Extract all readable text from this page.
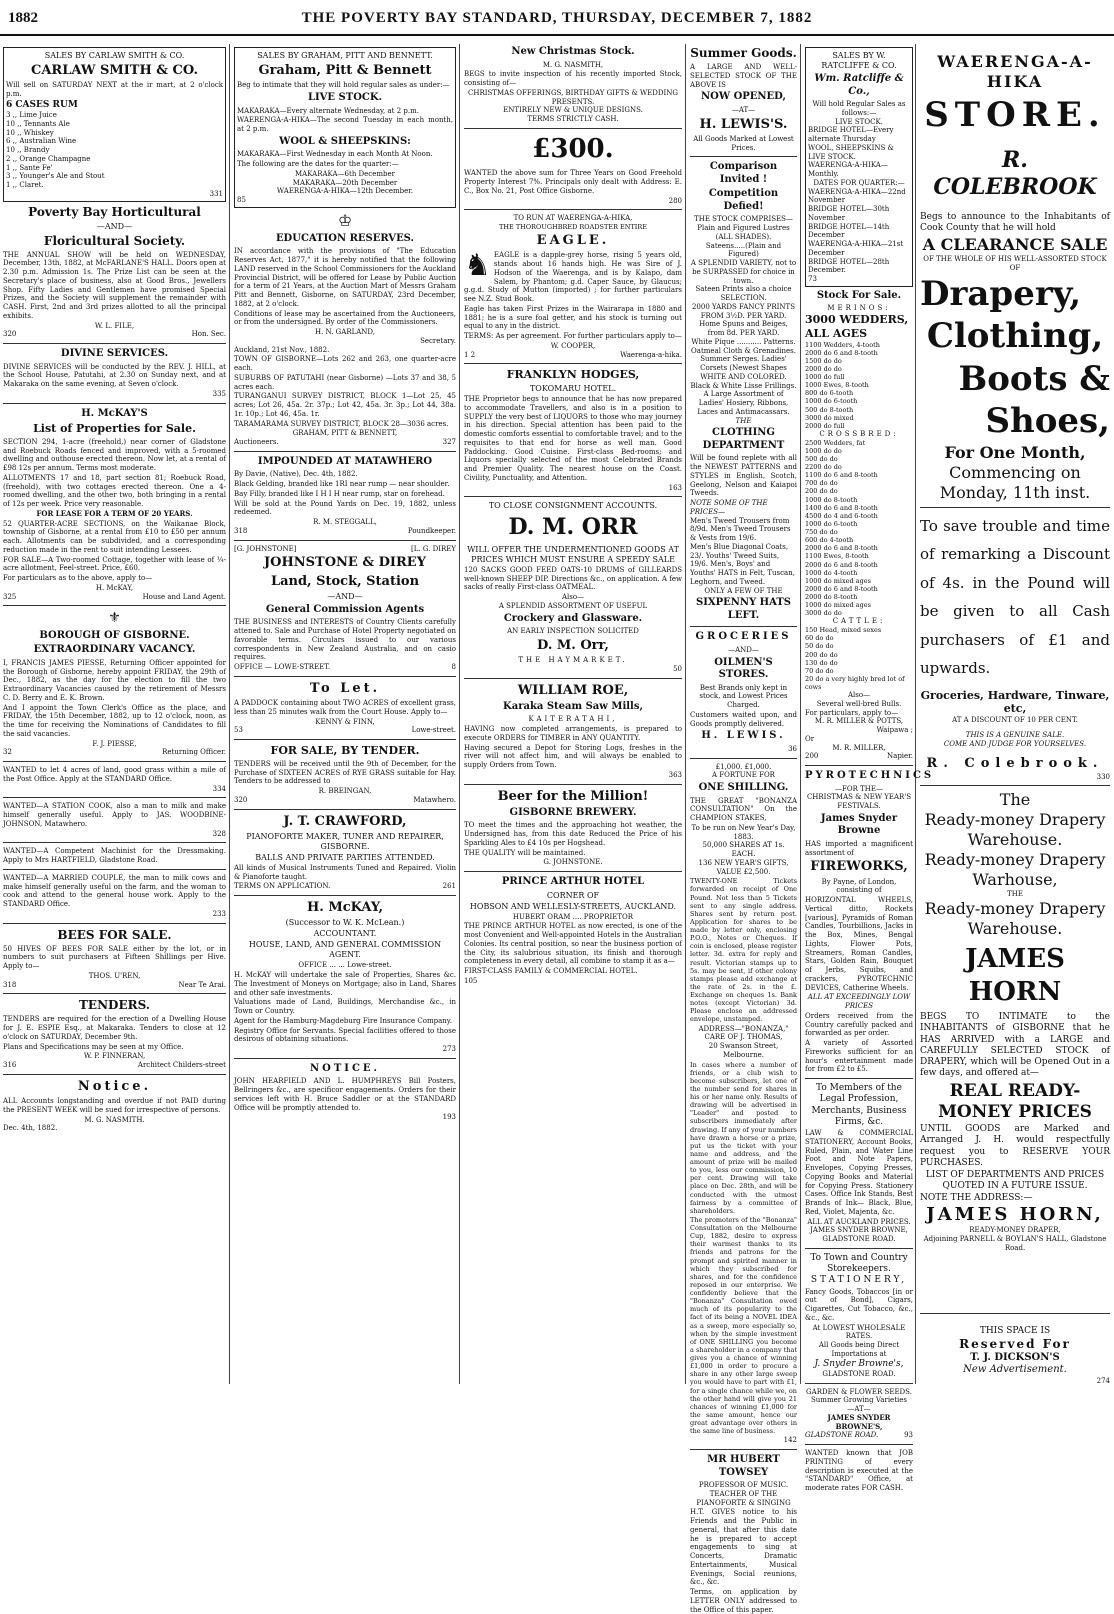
1882	THE POVERTY BAY STANDARD, THURSDAY, DECEMBER 7, 1882
SALES BY CARLAW SMITH & CO.
CARLAW SMITH & CO.
Will sell on SATURDAY NEXT at the ir mart, at 2 o'clock p.m.
6 CASES RUM
3 ,, Lime Juice
10 ,, Tennants Ale
10 ,, Whiskey
6 ,, Australian Wine
10 ,, Brandy
2 ,, Orange Champagne
1 ,, Sante Fe'
3 ,, Younger's Ale and Stout
1 ,, Claret.
331
Poverty Bay Horticultural
—AND—
Floricultural Society.
THE ANNUAL SHOW will be held on WEDNESDAY, December, 13th, 1882, at McFARLANE'S HALL. Doors open at 2.30 p.m. Admission 1s. The Prize List can be seen at the Secretary's place of business, also at Good Bros., Jewellers Shop. Fifty Ladies and Gentlemen have promised Special Prizes, and the Society will supplement the remainder with CASH. First, 2nd and 3rd prizes allotted to all the principal exhibits.
W. L. FILE,
320	Hon. Sec.
DIVINE SERVICES.
DIVINE SERVICES will be conducted by the REV. J. HILL, at the School House, Patutahi, at 2.30 on Sunday next, and at Makaraka on the same evening, at Seven o'clock.
335
H. McKAY'S
List of Properties for Sale.
SECTION 294, 1-acre (freehold,) near corner of Gladstone and Roebuck Roads fenced and improved, with a 5-roomed dwelling and outhouse erected thereon. Now let, at a rental of £98 12s per annum. Terms most moderate.
ALLOTMENTS 17 and 18, part section 81; Roebuck Road, (freehold), with two cottages erected thereon. One a 4-roomed dwelling, and the other two, both bringing in a rental of 12s per week. Price very reasonable.
FOR LEASE FOR A TERM OF 20 YEARS.
52 QUARTER-ACRE SECTIONS, on the Waikanae Block, township of Gisborne, at a rental from £10 to £50 per annum each. Allotments can be subdivided, and a corresponding reduction made in the rent to suit intending Lessees.
FOR SALE—A Two-roomed Cottage, together with lease of ¼-acre allotment, Feel-street. Price, £60.
For particulars as to the above, apply to—
H. McKAY,
325	House and Land Agent.
⚜
BOROUGH OF GISBORNE.
EXTRAORDINARY VACANCY.
I, FRANCIS JAMES PIESSE, Returning Officer appointed for the Borough of Gisborne, hereby appoint FRIDAY, the 29th of Dec., 1882, as the day for the election to fill the two Extraordinary Vacancies caused by the retirement of Messrs C. D. Berry and E. K. Brown.
And I appoint the Town Clerk's Office as the place, and FRIDAY, the 15th December, 1882, up to 12 o'clock, noon, as the time for receiving the Nominations of Candidates to fill the said vacancies.
F. J. PIESSE,
32	Returning Officer.
WANTED to let 4 acres of land, good grass within a mile of the Post Office. Apply at the STANDARD Office.
334
WANTED—A STATION COOK, also a man to milk and make himself generally useful. Apply to JAS. WOODBINE-JOHNSON, Matawhero.
328
WANTED—A Competent Machinist for the Dressmaking. Apply to Mrs HARTFIELD, Gladstone Road.
WANTED—A MARRIED COUPLE, the man to milk cows and make himself generally useful on the farm, and the woman to cook and attend to the general house work. Apply to the STANDARD Office.
233
BEES FOR SALE.
50 HIVES OF BEES FOR SALE either by the lot, or in numbers to suit purchasers at Fifteen Shillings per Hive. Apply to—
THOS. U'REN,
318	Near Te Arai.
TENDERS.
TENDERS are required for the erection of a Dwelling House for J. E. ESPIE Esq., at Makaraka. Tenders to close at 12 o'clock on SATURDAY, December 9th.
Plans and Specifications may be seen at my Office.
W. P. FINNERAN,
316	Architect Childers-street
Notice.
ALL Accounts longstanding and overdue if not PAID during the PRESENT WEEK will be sued for irrespective of persons.
M. G. NASMITH.
Dec. 4th, 1882.
SALES BY GRAHAM, PITT AND BENNETT.
Graham, Pitt & Bennett
Beg to intimate that they will hold regular sales as under:—
LIVE STOCK.
MAKARAKA—Every alternate Wednesday, at 2 p.m.
WAERENGA-A-HIKA—The second Tuesday in each month, at 2 p.m.
WOOL & SHEEPSKINS:
MAKARAKA—First Wednesday in each Month At Noon.
The following are the dates for the quarter:—
MAKARAKA—6th December
MAKARAKA—20th December
WAERENGA-A-HIKA—12th December.
85
♔
EDUCATION RESERVES.
IN accordance with the provisions of "The Education Reserves Act, 1877," it is hereby notified that the following LAND reserved in the School Commissioners for the Auckland Provincial District, will be offered for Lease by Public Auction for a term of 21 Years, at the Auction Mart of Messrs Graham Pitt and Bennett, Gisborne, on SATURDAY, 23rd December, 1882, at 2 o'clock.
Conditions of lease may be ascertained from the Auctioneers, or from the undersigned. By order of the Commissioners.
H. N. GARLAND,
Secretary.
Auckland, 21st Nov., 1882.
TOWN OF GISBORNE—Lots 262 and 263, one quarter-acre each.
SUBURBS OF PATUTAHI (near Gisborne) —Lots 37 and 38, 5 acres each.
TURANGANUI SURVEY DISTRICT, BLOCK 1—Lot 25, 45 acres; Lot 26, 45a. 2r. 37p.; Lot 42, 45a. 3r. 3p.; Lot 44, 38a. 1r. 10p.; Lot 46, 45a. 1r.
TARAMARAMA SURVEY DISTRICT, BLOCK 28—3036 acres.
GRAHAM, PITT & BENNETT,
Auctioneers.	327
IMPOUNDED AT MATAWHERO
By Davie, (Native), Dec. 4th, 1882.
Black Gelding, branded like 1RI near rump — near shoulder.
Bay Filly, branded like I H I H near rump, star on forehead.
Will be sold at the Pound Yards on Dec. 19, 1882, unless redeemed.
R. M. STEGGALL,
318	Poundkeeper.
[G. JOHNSTONE]	[L. G. DIREY
JOHNSTONE & DIREY
Land, Stock, Station
—AND—
General Commission Agents
THE BUSINESS and INTERESTS of Country Clients carefully attened to. Sale and Purchase of Hotel Property negotiated on favorable terms. Circulars issued to our various correspondents in New Zealand Australia, and on casio requires.
OFFICE — LOWE-STREET.	8
To Let.
A PADDOCK containing about TWO ACRES of excellent grass, less than 25 minutes walk from the Court House. Apply to—
KENNY & FINN,
53	Lowe-street.
FOR SALE, BY TENDER.
TENDERS will be received until the 9th of December, for the Purchase of SIXTEEN ACRES of RYE GRASS suitable for Hay. Tenders to be addressed to
R. BREINGAN,
320	Matawhero.
J. T. CRAWFORD,
PIANOFORTE MAKER, TUNER AND REPAIRER, GISBORNE.
BALLS AND PRIVATE PARTIES ATTENDED.
All kinds of Musical Instruments Tuned and Repaired. Violin & Pianoforte taught.
TERMS ON APPLICATION.	261
H. McKAY,
(Successor to W. K. McLean.)
ACCOUNTANT.
HOUSE, LAND, AND GENERAL COMMISSION AGENT.
OFFICE ... ... Lowe-street.
H. McKAY will undertake the sale of Properties, Shares &c. The Investment of Moneys on Mortgage; also in Land, Shares and other safe investments.
Valuations made of Land, Buildings, Merchandise &c., in Town or Country.
Agent for the Hamburg-Magdeburg Fire Insurance Company.
Registry Office for Servants. Special facilities offered to those desirous of obtaining situations.
273
NOTICE.
JOHN HEARFIELD AND L. HUMPHREYS Bill Posters, Bellringers &c., are specificor engagements. Orders for their services left with H. Bruce Saddler or at the STANDARD Office will be promptly attended to.
193
New Christmas Stock.
M. G. NASMITH,
BEGS to invite inspection of his recently imported Stock, consisting of—
CHRISTMAS OFFERINGS, BIRTHDAY GIFTS & WEDDING PRESENTS.
ENTIRELY NEW & UNIQUE DESIGNS.
TERMS STRICTLY CASH.
£300.
WANTED the above sum for Three Years on Good Freehold Property Interest 7%. Principals only dealt with Address: E. C., Box No. 21, Post Office Gisborne.
280
TO RUN AT WAERENGA-A-HIKA,
THE THOROUGHBRED ROADSTER ENTIRE
EAGLE.
♞ EAGLE is a dapple-grey horse, rising 5 years old, stands about 16 hands high. He was Sire of J. Hodson of the Waerenga, and is by Kalapo, dam Salem, by Phantom; g.d. Caper Sauce, by Glaucus; g.g.d. Study of Mutton (imported) ; for further particulars see N.Z. Stud Book.
Eagle has taken First Prizes in the Wairarapa in 1880 and 1881; he is a sure foal getter, and his stock is turning out equal to any in the district.
TERMS: As per agreement. For further particulars apply to—
W. COOPER,
1 2	Waerenga-a-hika.
FRANKLYN HODGES,
TOKOMARU HOTEL.
THE Proprietor begs to announce that he has now prepared to accommodate Travellers, and also is in a position to SUPPLY the very best of LIQUORS to those who may journey in his direction. Special attention has been paid to the domestic comforts essential to comfortable travel; and to the requisites to that end for horse as well man. Good Paddocking. Good Cuisine. First-class Bed-rooms; and Liquors specially selected of the most Celebrated Brands and Premier Quality. The nearest house on the Coast. Civility, Punctuality, and Attention.
163
TO CLOSE CONSIGNMENT ACCOUNTS.
D. M. ORR
WILL OFFER THE UNDERMENTIONED GOODS AT PRICES WHICH MUST ENSURE A SPEEDY SALE
120 SACKS GOOD FEED OATS-10 DRUMS of GILLEARDS well-known SHEEP DIP. Directions &c., on application. A few sacks of really First-class OATMEAL.
Also—
A SPLENDID ASSORTMENT OF USEFUL
Crockery and Glassware.
AN EARLY INSPECTION SOLICITED
D. M. Orr,
THE HAYMARKET.
50
WILLIAM ROE,
Karaka Steam Saw Mills,
KAITERATAHI,
HAVING now completed arrangements, is prepared to execute ORDERS for TIMBER in ANY QUANTITY.
Having secured a Depot for Storing Logs, freshes in the river will not affect him, and will always be enabled to supply Orders from Town.
363
Beer for the Million!
GISBORNE BREWERY.
TO meet the times and the approaching hot weather, the Undersigned has, from this date Reduced the Price of his Sparkling Ales to £4 10s per Hogshead.
THE QUALITY will be maintained.
G. JOHNSTONE.
PRINCE ARTHUR HOTEL
CORNER OF
HOBSON AND WELLESLY-STREETS, AUCKLAND.
HUBERT ORAM .... PROPRIETOR
THE PRINCE ARTHUR HOTEL as now erected, is one of the most Convenient and Well-appointed Hotels in the Australian Colonies. Its central position, so near the business portion of the City, its salubrious situation, its finish and thorough completeness in every detail, all combine to stamp it as a—
FIRST-CLASS FAMILY & COMMERCIAL HOTEL.
105
Summer Goods.
A LARGE AND WELL-SELECTED STOCK OF THE ABOVE IS
NOW OPENED,
—AT—
H. LEWIS'S.
All Goods Marked at Lowest Prices.
Comparison Invited !
Competition Defied!
THE STOCK COMPRISES—
Plain and Figured Lustres (ALL SHADES).
Sateens.....(Plain and Figured)
A SPLENDID VARIETY, not to be SURPASSED for choice in town.
Sateen Prints also a choice SELECTION.
2000 YARDS FANCY PRINTS FROM 3½D. PER YARD.
Home Spuns and Beiges, from 8d. PER YARD.
White Pique ........... Patterns. Oatmeal Cloth & Grenadines. Summer Serges. Ladies' Corsets (Newest Shapes WHITE AND COLORED. Black & White Lisse Frillings.
A Large Assortment of Ladies' Hosiery, Ribbons, Laces and Antimacassars.
THE
CLOTHING DEPARTMENT
Will be found replete with all the NEWEST PATTERNS and STYLES in English, Scotch, Geelong, Nelson and Kaiapoi Tweeds.
NOTE SOME OF THE PRICES—
Men's Tweed Trousers from 8/9d. Men's Tweed Trousers & Vests from 19/6.
Men's Blue Diagonal Coats, 23/. Youths' Tweed Suits, 19/6. Men's, Boys' and Youths' HATS in Felt, Tuscan, Leghorn, and Tweed.
ONLY A FEW OF THE
SIXPENNY HATS LEFT.
GROCERIES
—AND—
OILMEN'S STORES.
Best Brands only kept in stock, and Lowest Prices Charged.
Customers waited upon, and Goods promptly delivered.
H. LEWIS.
36
£1,000. £1,000.
A FORTUNE FOR
ONE SHILLING.
THE GREAT "BONANZA CONSULTATION" On the CHAMPION STAKES,
To be run on New Year's Day, 1883.
50,000 SHARES AT 1s. EACH.
136 NEW YEAR'S GIFTS, VALUE £2,500.
TWENTY-ONE Tickets forwarded on receipt of One Pound. Not less than 5 Tickets sent to any single address. Shares sent by return post. Application for shares to be made by letter only, enclosing P.O.O., Notes or Cheques. If coin is enclosed, please register letter. 3d. extra for reply and result. Victorian stamps up to 5s. may be sent, if other colony stamps please add exchange at the rate of 2s. in the £. Exchange on cheques 1s. Bank notes (except Victorian) 3d. Please enclose an addressed envelope, unstamped.
ADDRESS—"BONANZA," CARE OF J. THOMAS,
20 Swanson Street, Melbourne.
In cases where a number of friends, or a club wish to become subscribers, let one of the number send for shares in his or her name only. Results of drawing will be advertised in "Leader" and posted to subscribers immediately after drawing. If any of your numbers have drawn a horse or a prize, put us the ticket with your name and address, and the amount of prize will be mailed to you, less our commission, 10 per cent. Drawing will take place on Dec. 28th, and will be conducted with the utmost fairness by a committee of shareholders.
The promoters of the "Bonanza" Consultation on the Melbourne Cup, 1882, desire to express their warmest thanks to its friends and patrons for the prompt and spirited manner in which they subscribed for shares, and for the confidence reposed in our enterprise. We confidently believe that the "Bonanza" Consultation owed much of its popularity to the fact of its being a NOVEL IDEA as a sweep, more especially so, when by the simple investment of ONE SHILLING you become a shareholder in a company that gives you a chance of winning £1,000 in order to procure a share in any other large sweep you would have to part with £1, for a single chance while we, on the other hand will give you 21 chances of winning £1,000 for the same amount, hence our great advantage over others in the same line of business.
142
MR HUBERT TOWSEY
PROFESSOR OF MUSIC.
TEACHER OF THE PIANOFORTE & SINGING
H.T. GIVES notice to his Friends and the Public in general, that after this date he is prepared to accept engagements to sing at Concerts, Dramatic Entertainments, Musical Evenings, Social reunions, &c., &c.
Terms, on application by LETTER ONLY addressed to the Office of this paper.
SALES BY W. RATCLIFFE & CO.
Wm. Ratcliffe & Co.,
Will hold Regular Sales as follows:—
LIVE STOCK.
BRIDGE HOTEL—Every alternate Thursday
WOOL, SHEEPSKINS & LIVE STOCK.
WAERENGA-A-HIKA—Monthly.
DATES FOR QUARTER:—
WAERENGA-A-HIKA—22nd November
BRIDGE HOTEL—30th November
BRIDGE HOTEL—14th December
WAERENGA-A-HIKA—21st December
BRIDGE HOTEL—28th December.
73
Stock For Sale.
MERINOS:
3000 WEDDERS, ALL AGES
1100 Wedders, 4-tooth
2000 do 6 and 8-tooth
1500 do do
2000 do do
1000 do full
1000 Ewes, 8-tooth
800 do 6-tooth
1000 do 6-tooth
500 do 8-tooth
3000 do mixed
2000 do full
CROSSBRED:
2500 Wedders, fat
1000 do do
500 do do
2200 do do
1100 do 6 and 8-tooth
700 do do
200 do do
1000 do 8-tooth
1400 do 6 and 8-tooth
4500 do 4 and 6-tooth
1000 do 6-tooth
750 do do
600 do 4-tooth
2000 do 6 and 8-tooth
1100 Ewes, 8-tooth
2000 do 6 and 8-tooth
1000 do 4-tooth
1000 do mixed ages
2000 do 6 and 8-tooth
2000 do 8-tooth
1000 do mixed ages
3000 do do
CATTLE:
150 Head, mixed sexes
60 do do
50 do do
200 do do
130 do do
70 do do
20 do a very highly bred lot of cows
Also—
Several well-bred Bulls.
For particulars, apply to—
M. R. MILLER & POTTS,
Waipawa ;
Or
M. R. MILLER,
200	Napier.
PYROTECHNICS
—FOR THE—
CHRISTMAS & NEW YEAR'S FESTIVALS.
James Snyder Browne
HAS imported a magnificent assortment of
FIREWORKS,
By Payne, of London, consisting of
HORIZONTAL WHEELS, Vertical ditto, Rockets [various], Pyramids of Roman Candles, Tourbillions, Jacks in the Box, Mines, Bengal Lights, Flower Pots, Streamers, Roman Candles, Stars, Golden Rain, Bouquet of Jerbs, Squibs, and crackers, PYROTECHNIC DEVICES, Catherine Wheels.
ALL AT EXCEEDINGLY LOW PRICES
Orders received from the Country carefully packed and forwarded as per order.
A variety of Assorted Fireworks sufficient for an hour's entertainment made for from £2 to £5.
To Members of the Legal Profession, Merchants, Business Firms, &c.
LAW & COMMERCIAL STATIONERY, Account Books, Ruled, Plain, and Water Line Foot and Note Papers, Envelopes, Copying Presses, Copying Books and Material for Copying Press. Stationery Cases. Office Ink Stands, Best Brands of Ink— Black, Blue, Red, Violet, Majenta, &c.
ALL AT AUCKLAND PRICES.
JAMES SNYDER BROWNE,
GLADSTONE ROAD.
To Town and Country Storekeepers.
STATIONERY,
Fancy Goods, Tobaccos [in or out of Bond], Cigars, Cigarettes, Cut Tobacco, &c., &c., &c.
At LOWEST WHOLESALE RATES.
All Goods being Direct Importations at
J. Snyder Browne's,
GLADSTONE ROAD.
GARDEN & FLOWER SEEDS.
Summer Growing Varieties
—AT—
JAMES SNYDER BROWNE'S,
GLADSTONE ROAD.	93
WANTED known that JOB PRINTING of every description is executed at the "STANDARD" Office, at moderate rates FOR CASH.
WAERENGA-A-HIKA
STORE.
R. COLEBROOK
Begs to announce to the Inhabitants of Cook County that he will hold
A CLEARANCE SALE
OF THE WHOLE OF HIS WELL-ASSORTED STOCK OF
Drapery,
Clothing,
Boots & Shoes,
For One Month,
Commencing on Monday, 11th inst.
To save trouble and time of remarking a Discount of 4s. in the Pound will be given to all Cash purchasers of £1 and upwards.
Groceries, Hardware, Tinware, etc,
AT A DISCOUNT OF 10 PER CENT.
THIS IS A GENUINE SALE.
COME AND JUDGE FOR YOURSELVES.
R. Colebrook.
330
The
Ready-money Drapery Warehouse.
Ready-money Drapery Warhouse,
THE
Ready-money Drapery Warehouse.
JAMES HORN
BEGS TO INTIMATE to the INHABITANTS of GISBORNE that he HAS ARRIVED with a LARGE and CAREFULLY SELECTED STOCK of DRAPERY, which will be Opened Out in a few days, and offered at—
REAL READY-MONEY PRICES
UNTIL GOODS are Marked and Arranged J. H. would respectfully request you to RESERVE YOUR PURCHASES.
LIST OF DEPARTMENTS AND PRICES QUOTED IN A FUTURE ISSUE.
NOTE THE ADDRESS:—
JAMES HORN,
READY-MONEY DRAPER,
Adjoining PARNELL & BOYLAN'S HALL, Gladstone Road.
THIS SPACE IS
Reserved For
T. J. DICKSON'S
New Advertisement.
274
